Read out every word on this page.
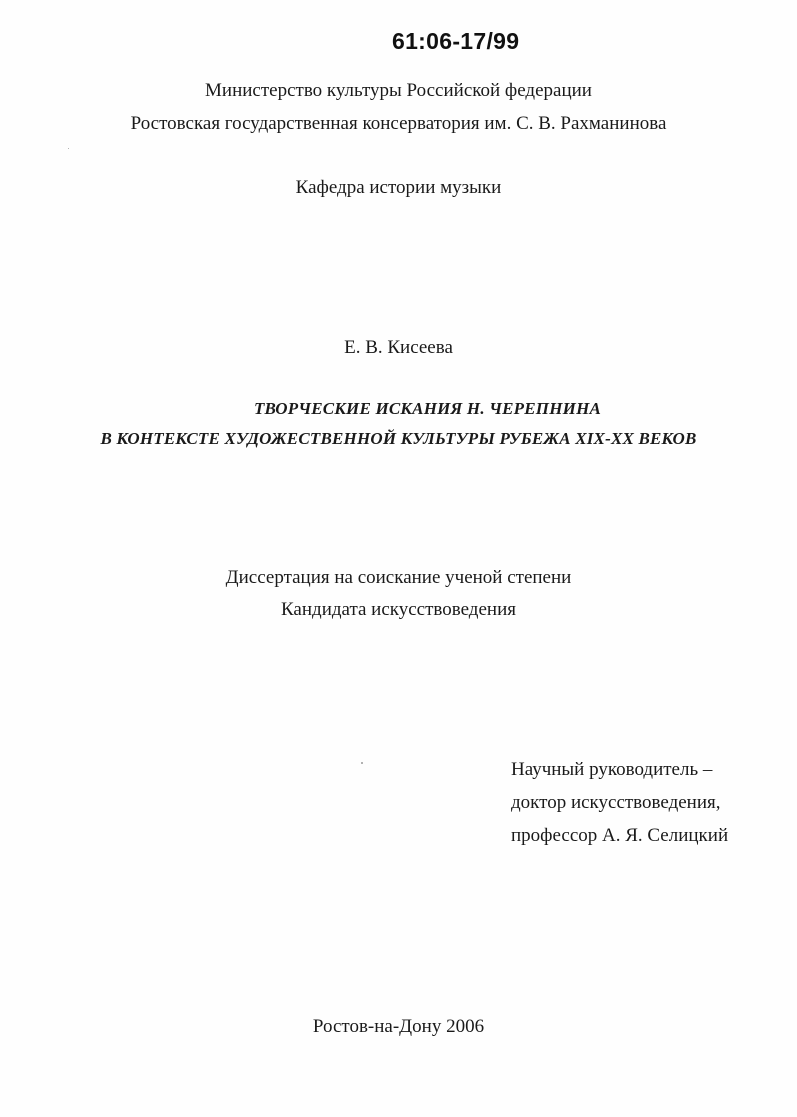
61:06-17/99
Министерство культуры Российской федерации
Ростовская государственная консерватория им. С. В. Рахманинова
Кафедра истории музыки
Е. В. Кисеева
ТВОРЧЕСКИЕ ИСКАНИЯ Н. ЧЕРЕПНИНА
В КОНТЕКСТЕ ХУДОЖЕСТВЕННОЙ КУЛЬТУРЫ РУБЕЖА XIX-XX ВЕКОВ
Диссертация на соискание ученой степени
Кандидата искусствоведения
Научный руководитель –
доктор искусствоведения,
профессор А. Я. Селицкий
Ростов-на-Дону 2006
